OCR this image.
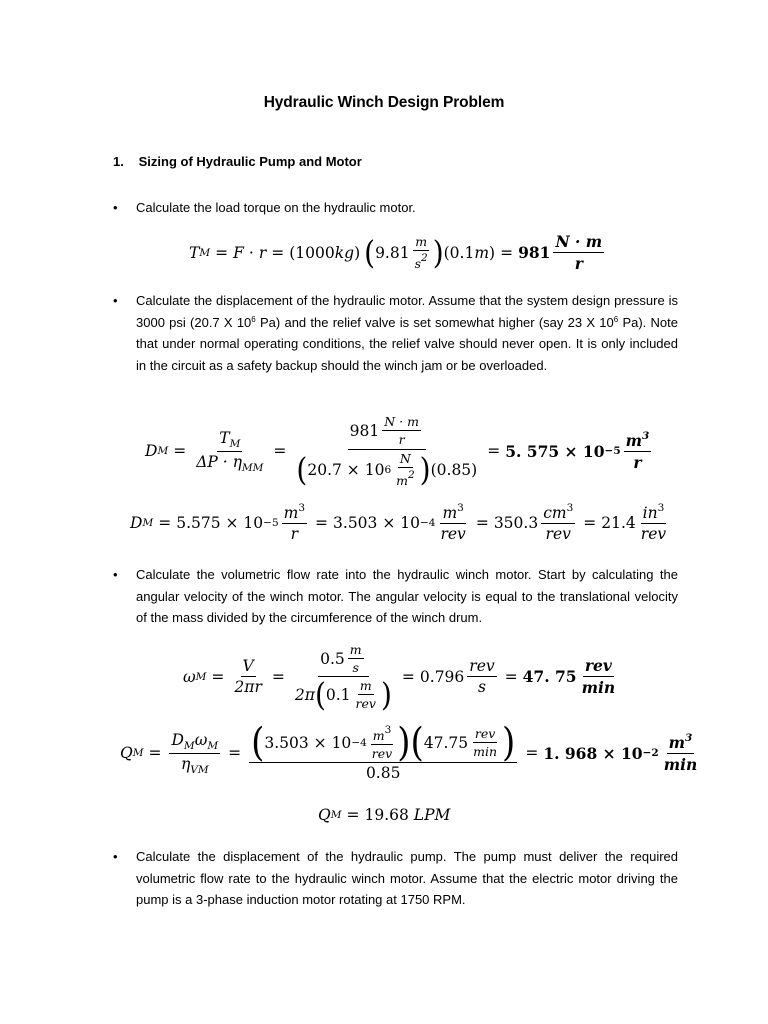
Hydraulic Winch Design Problem
1. Sizing of Hydraulic Pump and Motor
• Calculate the load torque on the hydraulic motor.
T M = F · r = (1000 kg ) ( $9.81 \frac{m}{s^2}$ ) (0.1 m ) = $981 \frac{N \cdot m}{r}$
• Calculate the displacement of the hydraulic motor. Assume that the system design pressure is 3000 psi (20.7 X $10^6$ Pa) and the relief valve is set somewhat higher (say 23 X $10^6$ Pa). Note that under normal operating conditions, the relief valve should never open. It is only included in the circuit as a safety backup should the winch jam or be overloaded.
D $M = \frac{T_M}{\Delta P \cdot \eta_{MM}} = \frac{981 \frac{N \cdot m}{r}}{( 20.7 \times 10 6 \frac{N}{m^2} ) (0.85)} = 5$. $575 \times 10 -5 \frac{m^3}{r}$
D $M = 5.575 \times 10 -5 \frac{m^3}{r} = 3.503 \times 10 -4 \frac{m^3}{\text{rev}} = 350.3 \frac{cm^3}{\text{rev}} = 21.4 \frac{in^3}{\text{rev}}$
• Calculate the volumetric flow rate into the hydraulic winch motor. Start by calculating the angular velocity of the winch motor. The angular velocity is equal to the translational velocity of the mass divided by the circumference of the winch drum.
ω $M = \frac{V}{2\pi r} = \frac{0.5 \frac{m}{s}}{2\pi ( 0.1 \frac{m}{\text{rev}} )} = 0.796 \frac{\text{rev}}{s} = 47$. $75 \frac{\text{rev}}{\min}$
Q $M = \frac{D_M\omega_M}{\eta_{VM}} = \frac{( 3.503 \times 10 -4 \frac{m^3}{\text{rev}} ) ( 47.75 \frac{\text{rev}}{\min} )}{0.85} = 1$. $968 \times 10 -2 \frac{m^3}{\min}$
Q M = 19.68
LPM
• Calculate the displacement of the hydraulic pump. The pump must deliver the required volumetric flow rate to the hydraulic winch motor. Assume that the electric motor driving the pump is a 3-phase induction motor rotating at 1750 RPM.
